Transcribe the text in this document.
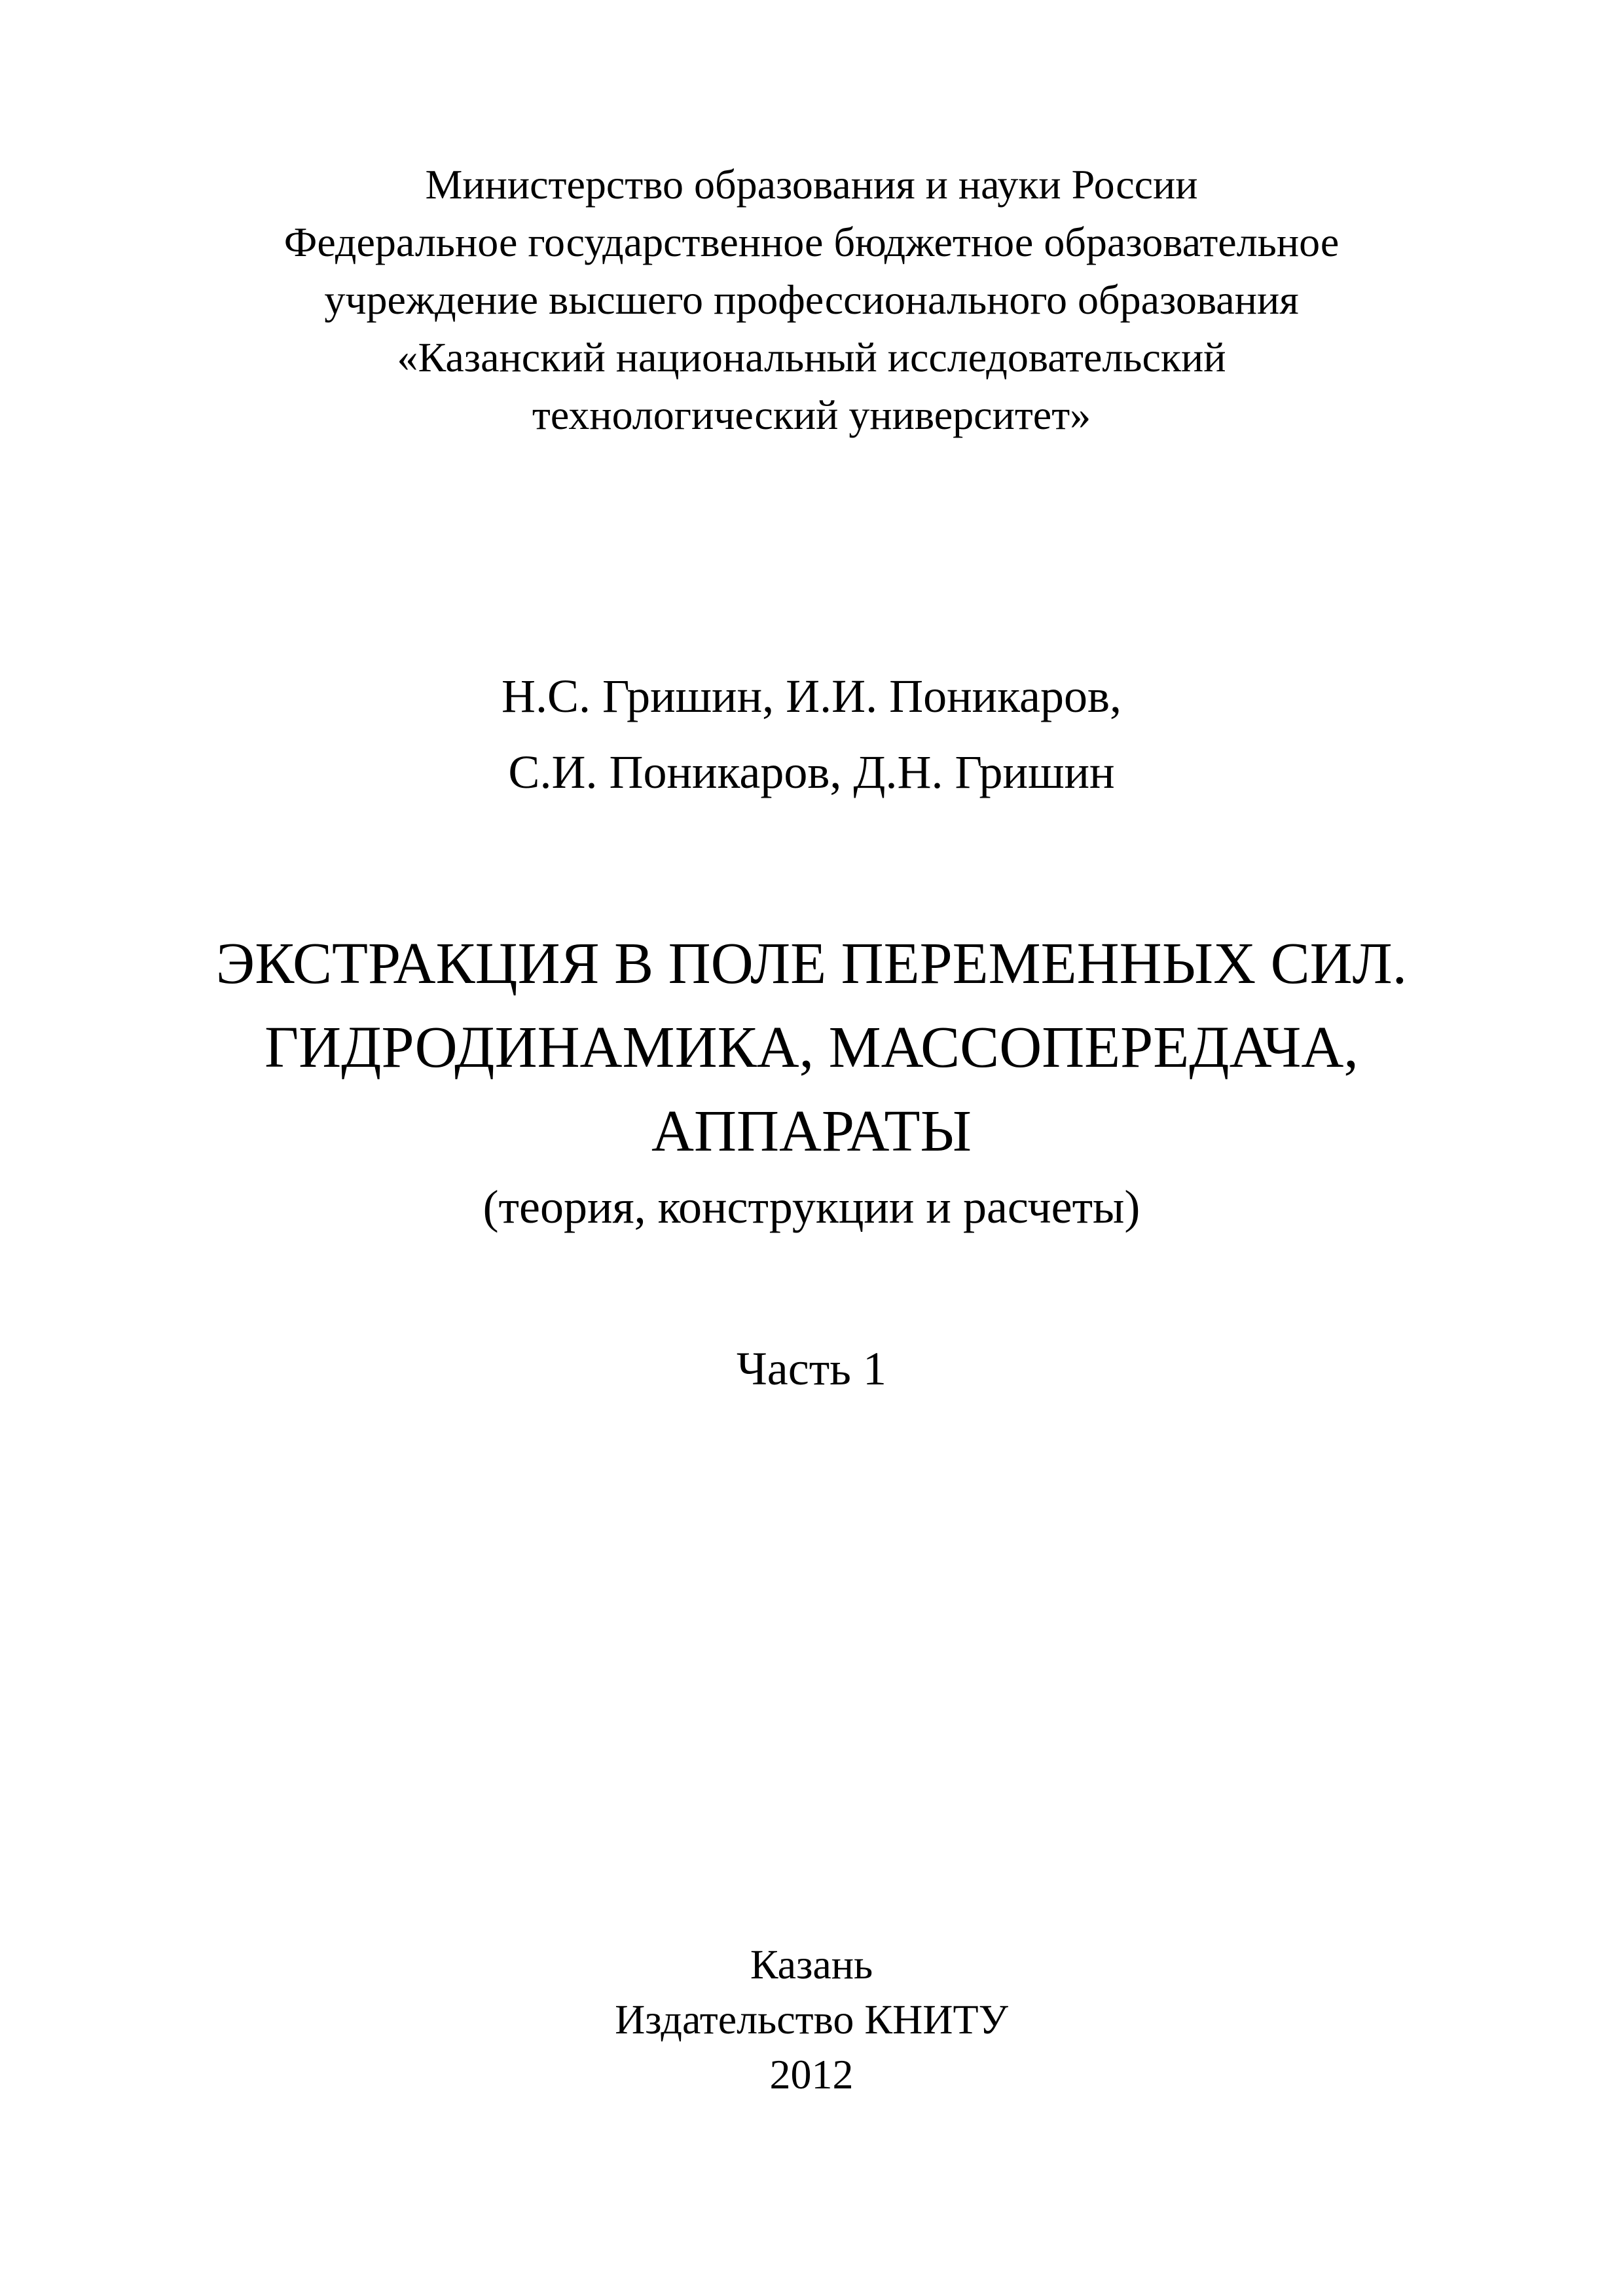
Министерство образования и науки России
Федеральное государственное бюджетное образовательное
учреждение высшего профессионального образования
«Казанский национальный исследовательский
технологический университет»
Н.С. Гришин, И.И. Поникаров,
С.И. Поникаров, Д.Н. Гришин
ЭКСТРАКЦИЯ В ПОЛЕ ПЕРЕМЕННЫХ СИЛ.
ГИДРОДИНАМИКА, МАССОПЕРЕДАЧА,
АППАРАТЫ
(теория, конструкции и расчеты)
Часть 1
Казань
Издательство КНИТУ
2012
